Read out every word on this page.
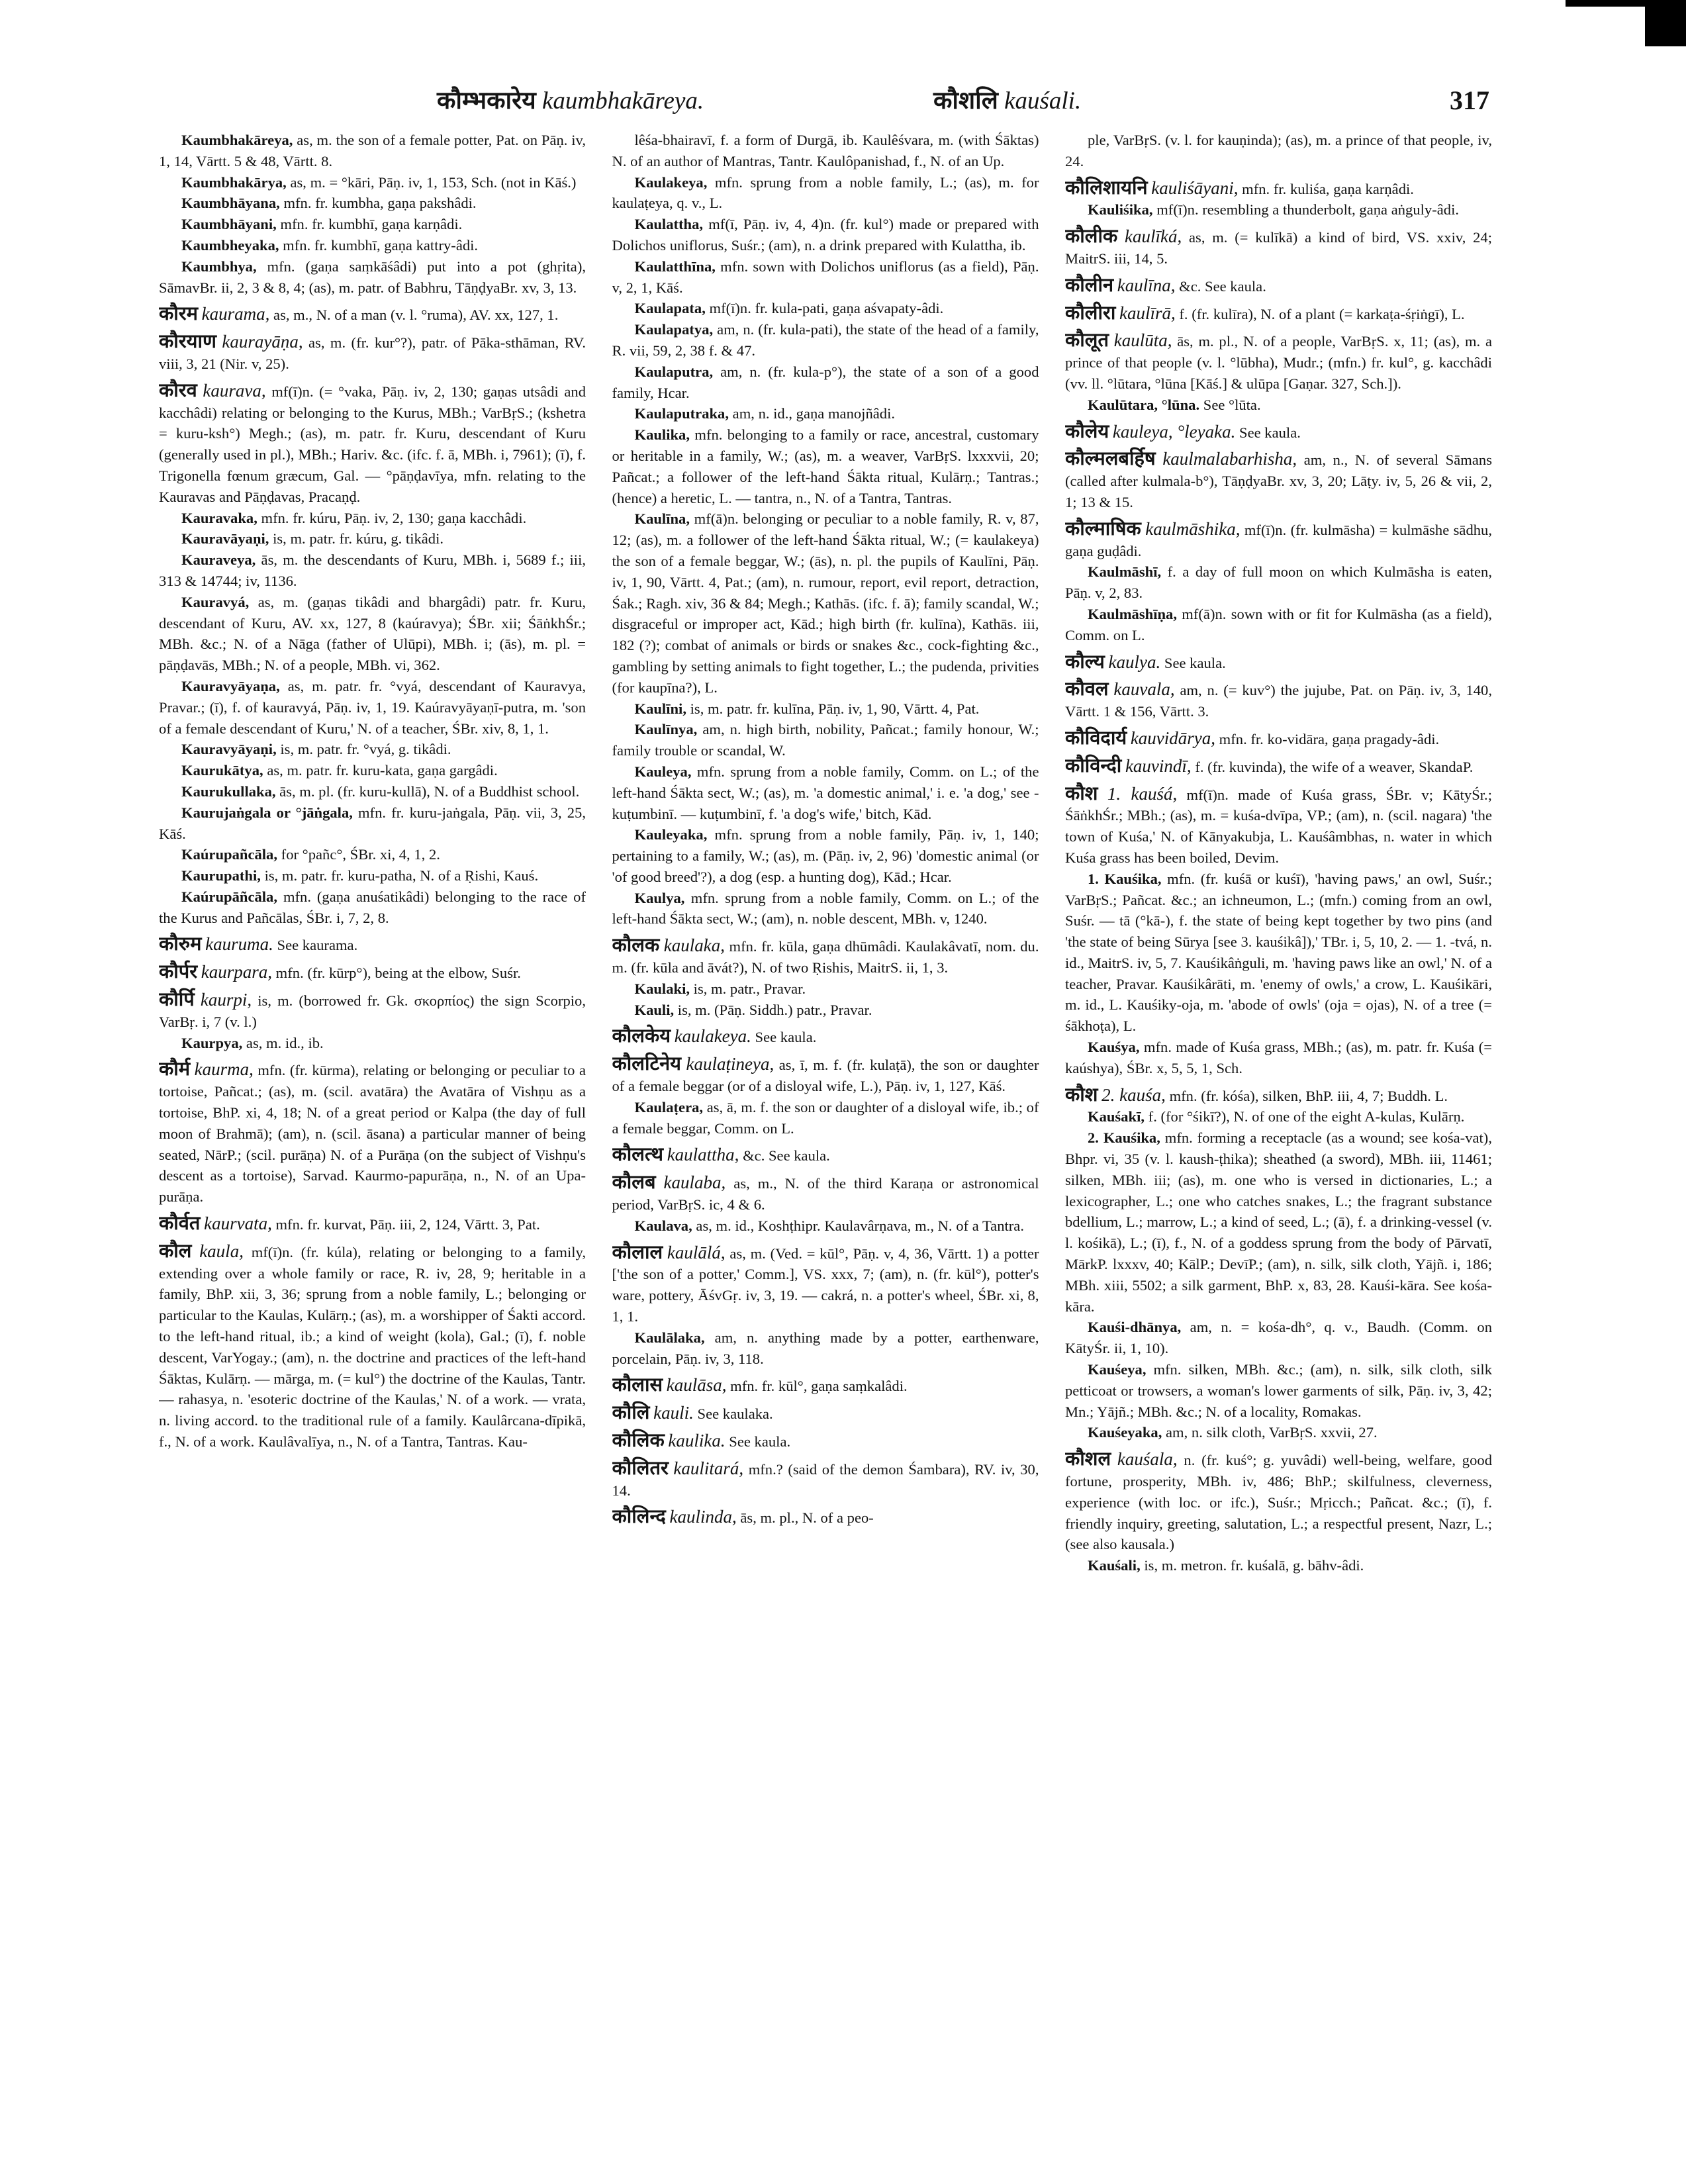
कौम्भकारेय kaumbhakāreya.	कौशलि kauśali.	317

Kaumbhakāreya, as, m. the son of a female potter, Pat. on Pāṇ. iv, 1, 14, Vārtt. 5 & 48, Vārtt. 8.

Kaumbhakārya, as, m. = °kāri, Pāṇ. iv, 1, 153, Sch. (not in Kāś.)

Kaumbhāyana, mfn. fr. kumbha, gaṇa pakshâdi.

Kaumbhāyani, mfn. fr. kumbhī, gaṇa karṇâdi.

Kaumbheyaka, mfn. fr. kumbhī, gaṇa kattry-âdi.

Kaumbhya, mfn. (gaṇa saṃkāśâdi) put into a pot (ghṛita), SāmavBr. ii, 2, 3 & 8, 4; (as), m. patr. of Babhru, TāṇḍyaBr. xv, 3, 13.

कौरम kaurama, as, m., N. of a man (v. l. °ruma), AV. xx, 127, 1.

कौरयाण kaurayāṇa, as, m. (fr. kur°?), patr. of Pāka-sthāman, RV. viii, 3, 21 (Nir. v, 25).

कौरव kaurava, mf(ī)n. (= °vaka, Pāṇ. iv, 2, 130; gaṇas utsâdi and kacchâdi) relating or belonging to the Kurus, MBh.; VarBṛS.; (kshetra = kuru-ksh°) Megh.; (as), m. patr. fr. Kuru, descendant of Kuru (generally used in pl.), MBh.; Hariv. &c. (ifc. f. ā, MBh. i, 7961); (ī), f. Trigonella fœnum græcum, Gal. — °pāṇḍavīya, mfn. relating to the Kauravas and Pāṇḍavas, Pracaṇḍ.

Kauravaka, mfn. fr. kúru, Pāṇ. iv, 2, 130; gaṇa kacchâdi.

Kauravāyaṇi, is, m. patr. fr. kúru, g. tikâdi.

Kauraveya, ās, m. the descendants of Kuru, MBh. i, 5689 f.; iii, 313 & 14744; iv, 1136.

Kauravyá, as, m. (gaṇas tikâdi and bhargâdi) patr. fr. Kuru, descendant of Kuru, AV. xx, 127, 8 (kaúravya); ŚBr. xii; ŚāṅkhŚr.; MBh. &c.; N. of a Nāga (father of Ulūpi), MBh. i; (ās), m. pl. = pāṇḍavās, MBh.; N. of a people, MBh. vi, 362.

Kauravyāyaṇa, as, m. patr. fr. °vyá, descendant of Kauravya, Pravar.; (ī), f. of kauravyá, Pāṇ. iv, 1, 19. Kaúravyāyaṇī-putra, m. 'son of a female descendant of Kuru,' N. of a teacher, ŚBr. xiv, 8, 1, 1.

Kauravyāyaṇi, is, m. patr. fr. °vyá, g. tikâdi.

Kaurukātya, as, m. patr. fr. kuru-kata, gaṇa gargâdi.

Kaurukullaka, ās, m. pl. (fr. kuru-kullā), N. of a Buddhist school.

Kaurujaṅgala or °jāṅgala, mfn. fr. kuru-jaṅgala, Pāṇ. vii, 3, 25, Kāś.

Kaúrupañcāla, for °pañc°, ŚBr. xi, 4, 1, 2.

Kaurupathi, is, m. patr. fr. kuru-patha, N. of a Ṛishi, Kauś.

Kaúrupāñcāla, mfn. (gaṇa anuśatikâdi) belonging to the race of the Kurus and Pañcālas, ŚBr. i, 7, 2, 8.

कौरुम kauruma. See kaurama.

कौर्पर kaurpara, mfn. (fr. kūrp°), being at the elbow, Suśr.

कौर्पि kaurpi, is, m. (borrowed fr. Gk. σκορπίος) the sign Scorpio, VarBṛ. i, 7 (v. l.)

Kaurpya, as, m. id., ib.

कौर्म kaurma, mfn. (fr. kūrma), relating or belonging or peculiar to a tortoise, Pañcat.; (as), m. (scil. avatāra) the Avatāra of Vishṇu as a tortoise, BhP. xi, 4, 18; N. of a great period or Kalpa (the day of full moon of Brahmā); (am), n. (scil. āsana) a particular manner of being seated, NārP.; (scil. purāṇa) N. of a Purāṇa (on the subject of Vishṇu's descent as a tortoise), Sarvad. Kaurmo-papurāṇa, n., N. of an Upa-purāṇa.

कौर्वत kaurvata, mfn. fr. kurvat, Pāṇ. iii, 2, 124, Vārtt. 3, Pat.

कौल kaula, mf(ī)n. (fr. kúla), relating or belonging to a family, extending over a whole family or race, R. iv, 28, 9; heritable in a family, BhP. xii, 3, 36; sprung from a noble family, L.; belonging or particular to the Kaulas, Kulārṇ.; (as), m. a worshipper of Śakti accord. to the left-hand ritual, ib.; a kind of weight (kola), Gal.; (ī), f. noble descent, VarYogay.; (am), n. the doctrine and practices of the left-hand Śāktas, Kulārṇ. — mārga, m. (= kul°) the doctrine of the Kaulas, Tantr. — rahasya, n. 'esoteric doctrine of the Kaulas,' N. of a work. — vrata, n. living accord. to the traditional rule of a family. Kaulârcana-dīpikā, f., N. of a work. Kaulâvalīya, n., N. of a Tantra, Tantras. Kau-

lêśa-bhairavī, f. a form of Durgā, ib. Kaulêśvara, m. (with Śāktas) N. of an author of Mantras, Tantr. Kaulôpanishad, f., N. of an Up.

Kaulakeya, mfn. sprung from a noble family, L.; (as), m. for kaulaṭeya, q. v., L.

Kaulattha, mf(ī, Pāṇ. iv, 4, 4)n. (fr. kul°) made or prepared with Dolichos uniflorus, Suśr.; (am), n. a drink prepared with Kulattha, ib.

Kaulatthīna, mfn. sown with Dolichos uniflorus (as a field), Pāṇ. v, 2, 1, Kāś.

Kaulapata, mf(ī)n. fr. kula-pati, gaṇa aśvapaty-âdi.

Kaulapatya, am, n. (fr. kula-pati), the state of the head of a family, R. vii, 59, 2, 38 f. & 47.

Kaulaputra, am, n. (fr. kula-p°), the state of a son of a good family, Hcar.

Kaulaputraka, am, n. id., gaṇa manojñâdi.

Kaulika, mfn. belonging to a family or race, ancestral, customary or heritable in a family, W.; (as), m. a weaver, VarBṛS. lxxxvii, 20; Pañcat.; a follower of the left-hand Śākta ritual, Kulārṇ.; Tantras.; (hence) a heretic, L. — tantra, n., N. of a Tantra, Tantras.

Kaulīna, mf(ā)n. belonging or peculiar to a noble family, R. v, 87, 12; (as), m. a follower of the left-hand Śākta ritual, W.; (= kaulakeya) the son of a female beggar, W.; (ās), n. pl. the pupils of Kaulīni, Pāṇ. iv, 1, 90, Vārtt. 4, Pat.; (am), n. rumour, report, evil report, detraction, Śak.; Ragh. xiv, 36 & 84; Megh.; Kathās. (ifc. f. ā); family scandal, W.; disgraceful or improper act, Kād.; high birth (fr. kulīna), Kathās. iii, 182 (?); combat of animals or birds or snakes &c., cock-fighting &c., gambling by setting animals to fight together, L.; the pudenda, privities (for kaupīna?), L.

Kaulīni, is, m. patr. fr. kulīna, Pāṇ. iv, 1, 90, Vārtt. 4, Pat.

Kaulīnya, am, n. high birth, nobility, Pañcat.; family honour, W.; family trouble or scandal, W.

Kauleya, mfn. sprung from a noble family, Comm. on L.; of the left-hand Śākta sect, W.; (as), m. 'a domestic animal,' i. e. 'a dog,' see -kuṭumbinī. — kuṭumbinī, f. 'a dog's wife,' bitch, Kād.

Kauleyaka, mfn. sprung from a noble family, Pāṇ. iv, 1, 140; pertaining to a family, W.; (as), m. (Pāṇ. iv, 2, 96) 'domestic animal (or 'of good breed'?), a dog (esp. a hunting dog), Kād.; Hcar.

Kaulya, mfn. sprung from a noble family, Comm. on L.; of the left-hand Śākta sect, W.; (am), n. noble descent, MBh. v, 1240.

कौलक kaulaka, mfn. fr. kūla, gaṇa dhūmâdi. Kaulakâvatī, nom. du. m. (fr. kūla and āvát?), N. of two Ṛishis, MaitrS. ii, 1, 3.

Kaulaki, is, m. patr., Pravar.

Kauli, is, m. (Pāṇ. Siddh.) patr., Pravar.

कौलकेय kaulakeya. See kaula.

कौलटिनेय kaulaṭineya, as, ī, m. f. (fr. kulaṭā), the son or daughter of a female beggar (or of a disloyal wife, L.), Pāṇ. iv, 1, 127, Kāś.

Kaulaṭera, as, ā, m. f. the son or daughter of a disloyal wife, ib.; of a female beggar, Comm. on L.

कौलत्थ kaulattha, &c. See kaula.

कौलब kaulaba, as, m., N. of the third Karaṇa or astronomical period, VarBṛS. ic, 4 & 6.

Kaulava, as, m. id., Koshṭhipr. Kaulavârṇava, m., N. of a Tantra.

कौलाल kaulālá, as, m. (Ved. = kūl°, Pāṇ. v, 4, 36, Vārtt. 1) a potter ['the son of a potter,' Comm.], VS. xxx, 7; (am), n. (fr. kūl°), potter's ware, pottery, ĀśvGṛ. iv, 3, 19. — cakrá, n. a potter's wheel, ŚBr. xi, 8, 1, 1.

Kaulālaka, am, n. anything made by a potter, earthenware, porcelain, Pāṇ. iv, 3, 118.

कौलास kaulāsa, mfn. fr. kūl°, gaṇa saṃkalâdi.

कौलि kauli. See kaulaka.

कौलिक kaulika. See kaula.

कौलितर kaulitará, mfn.? (said of the demon Śambara), RV. iv, 30, 14.

कौलिन्द kaulinda, ās, m. pl., N. of a peo-

ple, VarBṛS. (v. l. for kauṇinda); (as), m. a prince of that people, iv, 24.

कौलिशायनि kauliśāyani, mfn. fr. kuliśa, gaṇa karṇâdi.

Kauliśika, mf(ī)n. resembling a thunderbolt, gaṇa aṅguly-âdi.

कौलीक kaulīká, as, m. (= kulīkā) a kind of bird, VS. xxiv, 24; MaitrS. iii, 14, 5.

कौलीन kaulīna, &c. See kaula.

कौलीरा kaulīrā, f. (fr. kulīra), N. of a plant (= karkaṭa-śṛiṅgī), L.

कौलूत kaulūta, ās, m. pl., N. of a people, VarBṛS. x, 11; (as), m. a prince of that people (v. l. °lūbha), Mudr.; (mfn.) fr. kul°, g. kacchâdi (vv. ll. °lūtara, °lūna [Kāś.] & ulūpa [Gaṇar. 327, Sch.]).

Kaulūtara, °lūna. See °lūta.

कौलेय kauleya, °leyaka. See kaula.

कौल्मलबर्हिष kaulmalabarhisha, am, n., N. of several Sāmans (called after kulmala-b°), TāṇḍyaBr. xv, 3, 20; Lāṭy. iv, 5, 26 & vii, 2, 1; 13 & 15.

कौल्माषिक kaulmāshika, mf(ī)n. (fr. kulmāsha) = kulmāshe sādhu, gaṇa guḍâdi.

Kaulmāshī, f. a day of full moon on which Kulmāsha is eaten, Pāṇ. v, 2, 83.

Kaulmāshīṇa, mf(ā)n. sown with or fit for Kulmāsha (as a field), Comm. on L.

कौल्य kaulya. See kaula.

कौवल kauvala, am, n. (= kuv°) the jujube, Pat. on Pāṇ. iv, 3, 140, Vārtt. 1 & 156, Vārtt. 3.

कौविदार्य kauvidārya, mfn. fr. ko-vidāra, gaṇa pragady-âdi.

कौविन्दी kauvindī, f. (fr. kuvinda), the wife of a weaver, SkandaP.

कौश 1. kauśá, mf(ī)n. made of Kuśa grass, ŚBr. v; KātyŚr.; ŚāṅkhŚr.; MBh.; (as), m. = kuśa-dvīpa, VP.; (am), n. (scil. nagara) 'the town of Kuśa,' N. of Kānyakubja, L. Kauśâmbhas, n. water in which Kuśa grass has been boiled, Devim.

1. Kauśika, mfn. (fr. kuśā or kuśī), 'having paws,' an owl, Suśr.; VarBṛS.; Pañcat. &c.; an ichneumon, L.; (mfn.) coming from an owl, Suśr. — tā (°kā-), f. the state of being kept together by two pins (and 'the state of being Sūrya [see 3. kauśikâ]),' TBr. i, 5, 10, 2. — 1. -tvá, n. id., MaitrS. iv, 5, 7. Kauśikâṅguli, m. 'having paws like an owl,' N. of a teacher, Pravar. Kauśikârāti, m. 'enemy of owls,' a crow, L. Kauśikāri, m. id., L. Kauśiky-oja, m. 'abode of owls' (oja = ojas), N. of a tree (= śākhoṭa), L.

Kauśya, mfn. made of Kuśa grass, MBh.; (as), m. patr. fr. Kuśa (= kaúshya), ŚBr. x, 5, 5, 1, Sch.

कौश 2. kauśa, mfn. (fr. kóśa), silken, BhP. iii, 4, 7; Buddh. L.

Kauśakī, f. (for °śikī?), N. of one of the eight A-kulas, Kulārṇ.

2. Kauśika, mfn. forming a receptacle (as a wound; see kośa-vat), Bhpr. vi, 35 (v. l. kaush-ṭhika); sheathed (a sword), MBh. iii, 11461; silken, MBh. iii; (as), m. one who is versed in dictionaries, L.; a lexicographer, L.; one who catches snakes, L.; the fragrant substance bdellium, L.; marrow, L.; a kind of seed, L.; (ā), f. a drinking-vessel (v. l. kośikā), L.; (ī), f., N. of a goddess sprung from the body of Pārvatī, MārkP. lxxxv, 40; KālP.; DevīP.; (am), n. silk, silk cloth, Yājñ. i, 186; MBh. xiii, 5502; a silk garment, BhP. x, 83, 28. Kauśi-kāra. See kośa-kāra.

Kauśi-dhānya, am, n. = kośa-dh°, q. v., Baudh. (Comm. on KātyŚr. ii, 1, 10).

Kauśeya, mfn. silken, MBh. &c.; (am), n. silk, silk cloth, silk petticoat or trowsers, a woman's lower garments of silk, Pāṇ. iv, 3, 42; Mn.; Yājñ.; MBh. &c.; N. of a locality, Romakas.

Kauśeyaka, am, n. silk cloth, VarBṛS. xxvii, 27.

कौशल kauśala, n. (fr. kuś°; g. yuvâdi) well-being, welfare, good fortune, prosperity, MBh. iv, 486; BhP.; skilfulness, cleverness, experience (with loc. or ifc.), Suśr.; Mṛicch.; Pañcat. &c.; (ī), f. friendly inquiry, greeting, salutation, L.; a respectful present, Nazr, L.; (see also kausala.)

Kauśali, is, m. metron. fr. kuśalā, g. bāhv-âdi.
